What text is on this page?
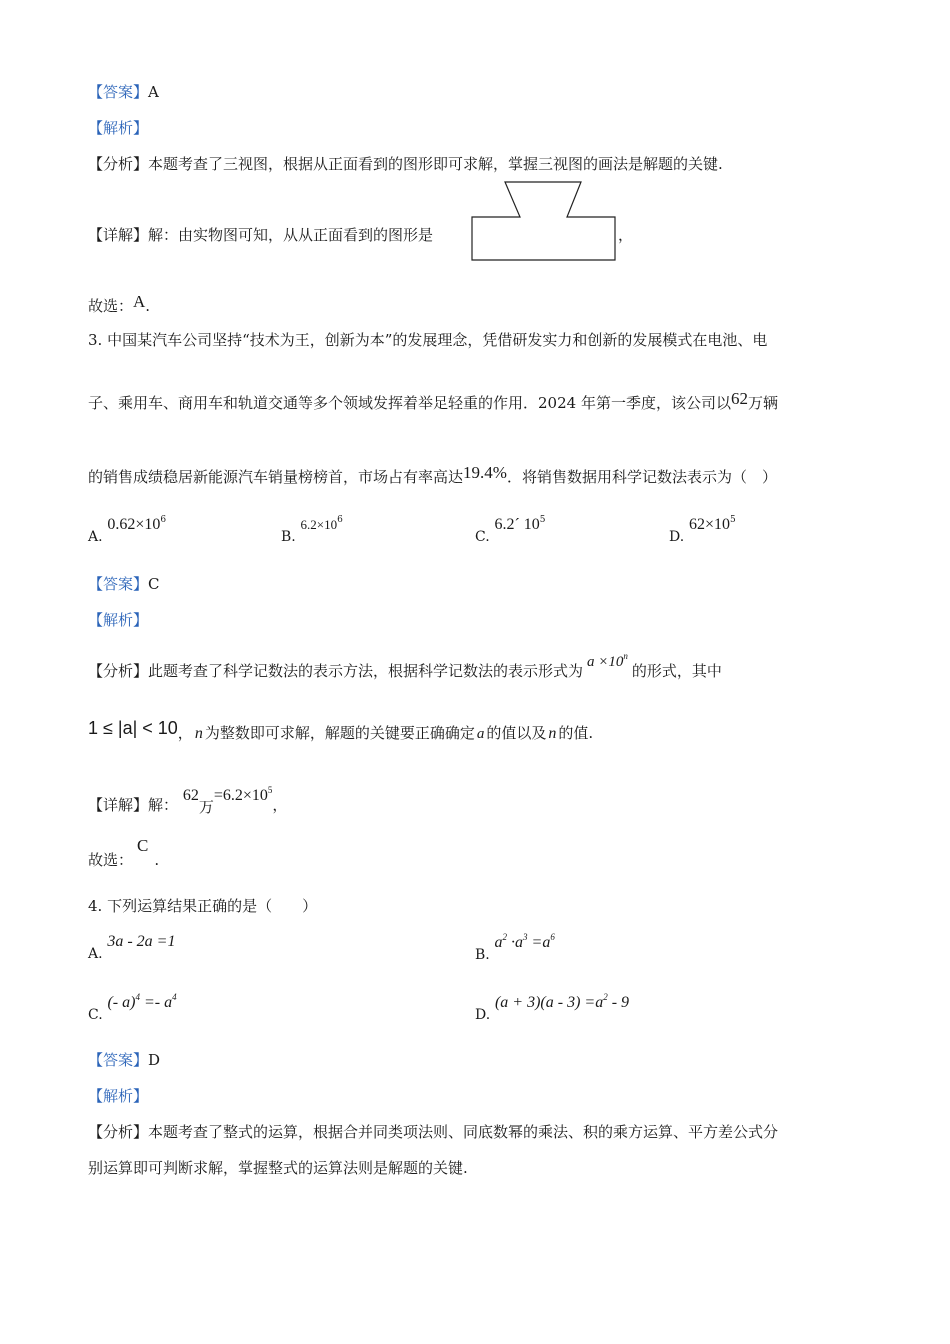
【答案】A
【解析】
【分析】本题考查了三视图，根据从正面看到的图形即可求解，掌握三视图的画法是解题的关键.
【详解】解：由实物图可知，从从正面看到的图形是	，
故选：A.
3. 中国某汽车公司坚持“技术为王，创新为本”的发展理念，凭借研发实力和创新的发展模式在电池、电
子、乘用车、商用车和轨道交通等多个领域发挥着举足轻重的作用．2024 年第一季度，该公司以62万辆
的销售成绩稳居新能源汽车销量榜榜首，市场占有率高达19.4%．将销售数据用科学记数法表示为（　）
A. $0.62\times 10^6$
B. $6.2\times 10^6$
C. 6.2´ $10^5$
D. $62\times 10^5$
【答案】C
【解析】
【分析】此题考查了科学记数法的表示方法，根据科学记数法的表示形式为 $a \times 10^n$的形式，其中
1 ≤ |a| < 10， n 为整数即可求解，解题的关键要正确确定 a 的值以及 n 的值.
【详解】解： 62万$=6.2\times 10^5$，
故选：C.
4. 下列运算结果正确的是（　　）
A. 3a - 2a =1
B. $a^2 \cdot a^3 =a^6$
C. (- $a)^4 =- a^4$
D. $(a + 3)(a - 3) =a^2 - 9$
【答案】D
【解析】
【分析】本题考查了整式的运算，根据合并同类项法则、同底数幂的乘法、积的乘方运算、平方差公式分
别运算即可判断求解，掌握整式的运算法则是解题的关键.
